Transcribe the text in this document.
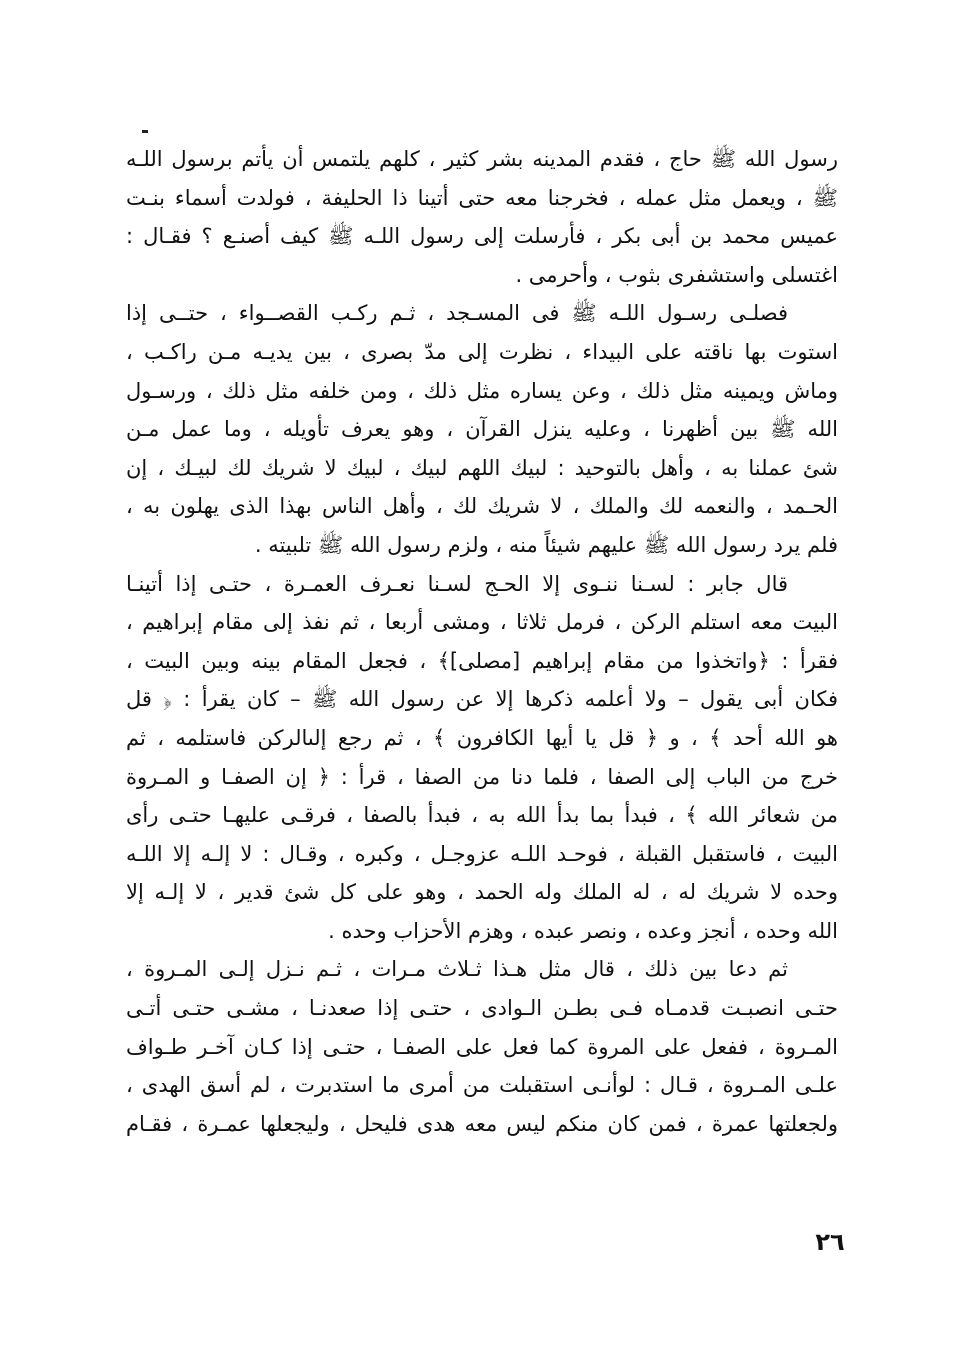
رسول الله ﷺ حاج ، فقدم المدينه بشر كثير ، كلهم يلتمس أن يأتم برسول اللـه
ﷺ ، ويعمل مثل عمله ، فخرجنا معه حتى أتينا ذا الحليفة ، فولدت أسماء بنـت
عميس محمد بن أبى بكر ، فأرسلت إلى رسول اللـه ﷺ كيف أصنـع ؟ فقـال :
اغتسلى واستشفرى بثوب ، وأحرمى .
فصلـى رسـول اللـه ﷺ فى المسـجد ، ثـم ركـب القصــواء ، حتــى إذا
استوت بها ناقته على البيداء ، نظرت إلى مدّ بصرى ، بين يديـه مـن راكـب ،
وماش ويمينه مثل ذلك ، وعن يساره مثل ذلك ، ومن خلفه مثل ذلك ، ورسـول
الله ﷺ بين أظهرنا ، وعليه ينزل القرآن ، وهو يعرف تأويله ، وما عمل مـن
شئ عملنا به ، وأهل بالتوحيد : لبيك اللهم لبيك ، لبيك لا شريك لك لبيـك ، إن
الحـمد ، والنعمه لك والملك ، لا شريك لك ، وأهل الناس بهذا الذى يهلون به ،
فلم يرد رسول الله ﷺ عليهم شيئاً منه ، ولزم رسول الله ﷺ تلبيته .
قال جابر : لسـنا ننـوى إلا الحـج لسـنا نعـرف العمـرة ، حتـى إذا أتينـا
البيت معه استلم الركن ، فرمل ثلاثا ، ومشى أربعا ، ثم نفذ إلى مقام إبراهيم ،
فقرأ : ﴿واتخذوا من مقام إبراهيم [مصلى]﴾ ، فجعل المقام بينه وبين البيت ،
فكان أبى يقول – ولا أعلمه ذكرها إلا عن رسول الله ﷺ – كان يقرأ : ﴿ قل
هو الله أحد ﴾ ، و ﴿ قل يا أيها الكافرون ﴾ ، ثم رجع إلىالركن فاستلمه ، ثم
خرج من الباب إلى الصفا ، فلما دنا من الصفا ، قرأ : ﴿ إن الصفـا و المـروة
من شعائر الله ﴾ ، فبدأ بما بدأ الله به ، فبدأ بالصفا ، فرقـى عليهـا حتـى رأى
البيت ، فاستقبل القبلة ، فوحـد اللـه عزوجـل ، وكبره ، وقـال : لا إلـه إلا اللـه
وحده لا شريك له ، له الملك وله الحمد ، وهو على كل شئ قدير ، لا إلـه إلا
الله وحده ، أنجز وعده ، ونصر عبده ، وهزم الأحزاب وحده .
ثم دعا بين ذلك ، قال مثل هـذا ثـلاث مـرات ، ثـم نـزل إلـى المـروة ،
حتـى انصبـت قدمـاه فـى بطـن الـوادى ، حتـى إذا صعدنـا ، مشـى حتـى أتـى
المـروة ، ففعل على المروة كما فعل على الصفـا ، حتـى إذا كـان آخـر طـواف
علـى المـروة ، قـال : لوأنـى استقبلت من أمرى ما استدبرت ، لم أسق الهدى ،
ولجعلتها عمرة ، فمن كان منكم ليس معه هدى فليحل ، وليجعلها عمـرة ، فقـام
٢٦
